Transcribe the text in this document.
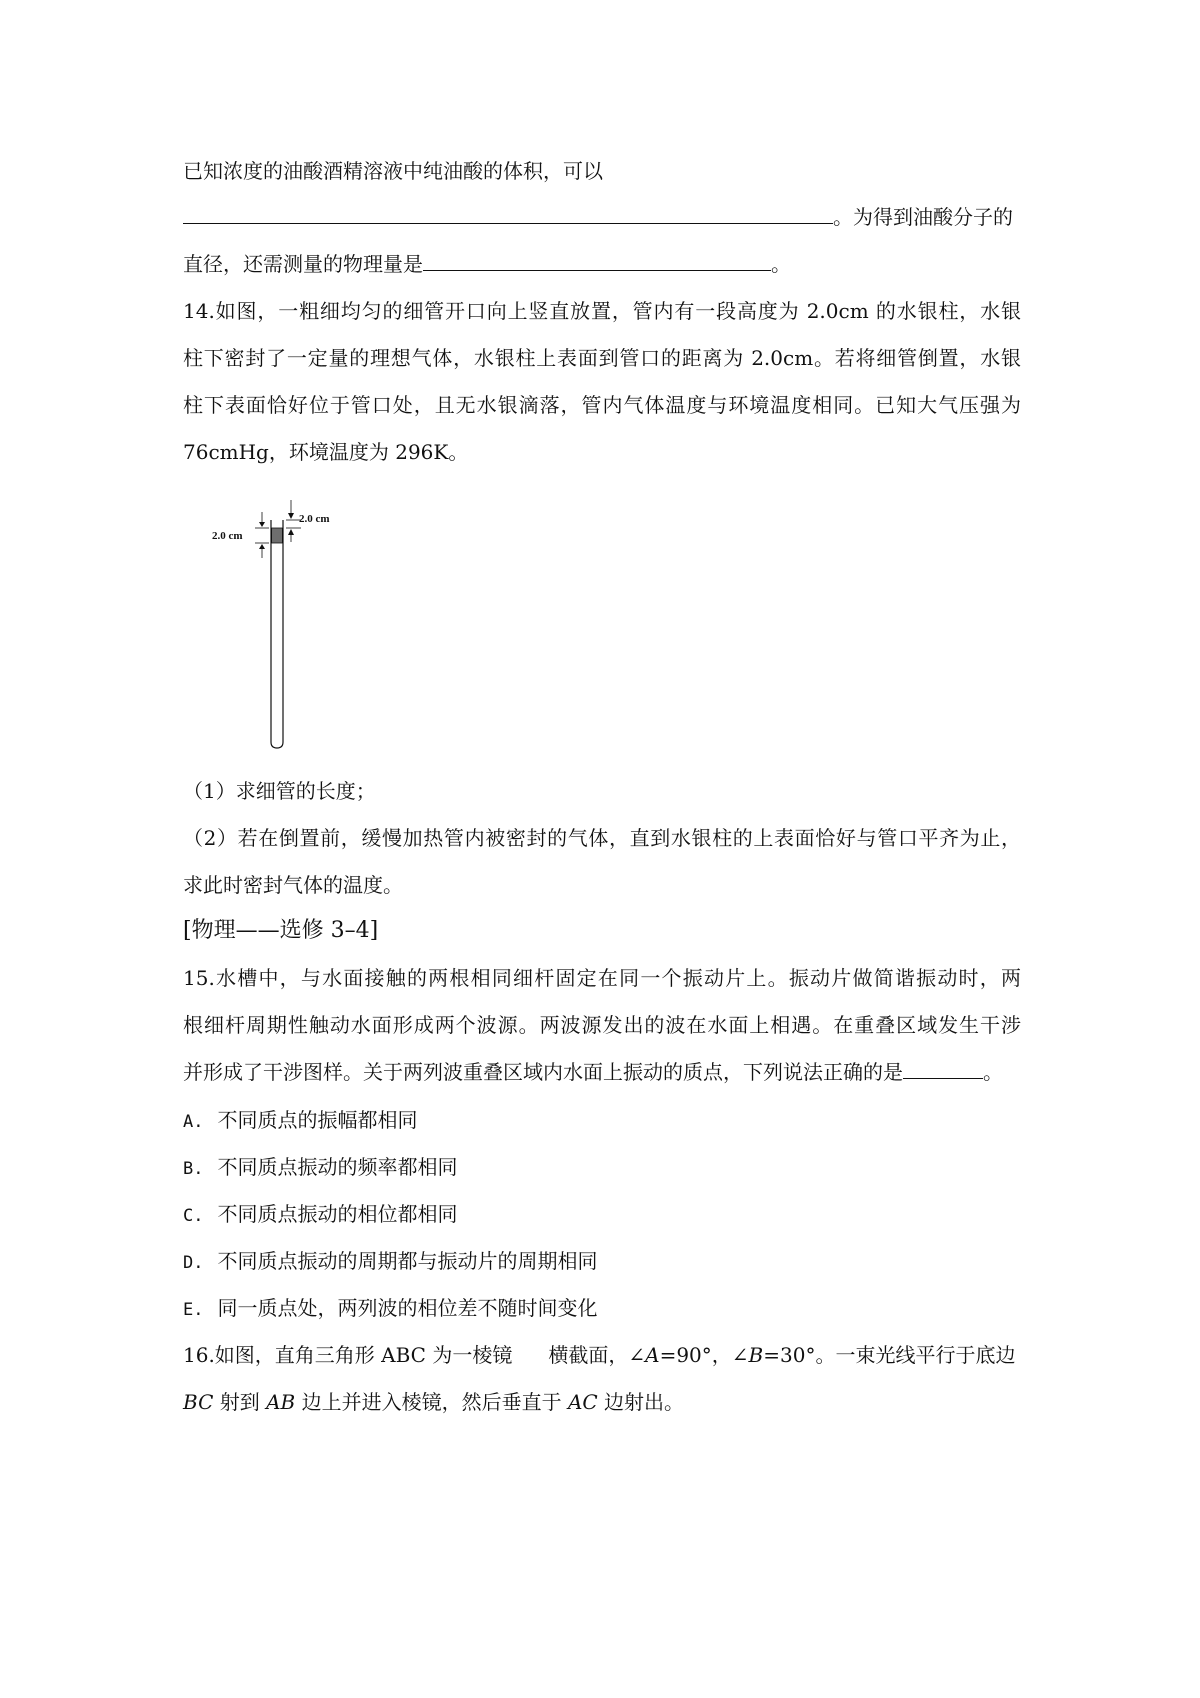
已知浓度的油酸酒精溶液中纯油酸的体积，可以
。为得到油酸分子的
直径，还需测量的物理量是	。
14.如图，一粗细均匀的细管开口向上竖直放置，管内有一段高度为 2.0cm 的水银柱，水银
柱下密封了一定量的理想气体，水银柱上表面到管口的距离为 2.0cm。若将细管倒置，水银
柱下表面恰好位于管口处，且无水银滴落，管内气体温度与环境温度相同。已知大气压强为
76cmHg，环境温度为 296K。
2.0 cm
2.0 cm
（1）求细管的长度；
（2）若在倒置前，缓慢加热管内被密封的气体，直到水银柱的上表面恰好与管口平齐为止，
求此时密封气体的温度。
[物理——选修 3–4]
15.水槽中，与水面接触的两根相同细杆固定在同一个振动片上。振动片做简谐振动时，两
根细杆周期性触动水面形成两个波源。两波源发出的波在水面上相遇。在重叠区域发生干涉
并形成了干涉图样。关于两列波重叠区域内水面上振动的质点，下列说法正确的是	。
A. 不同质点的振幅都相同
B. 不同质点振动的频率都相同
C. 不同质点振动的相位都相同
D. 不同质点振动的周期都与振动片的周期相同
E. 同一质点处，两列波的相位差不随时间变化
16.如图，直角三角形 ABC 为一棱镜 横截面，∠A=90°，∠B=30°。一束光线平行于底边
BC 射到 AB 边上并进入棱镜，然后垂直于 AC 边射出。
